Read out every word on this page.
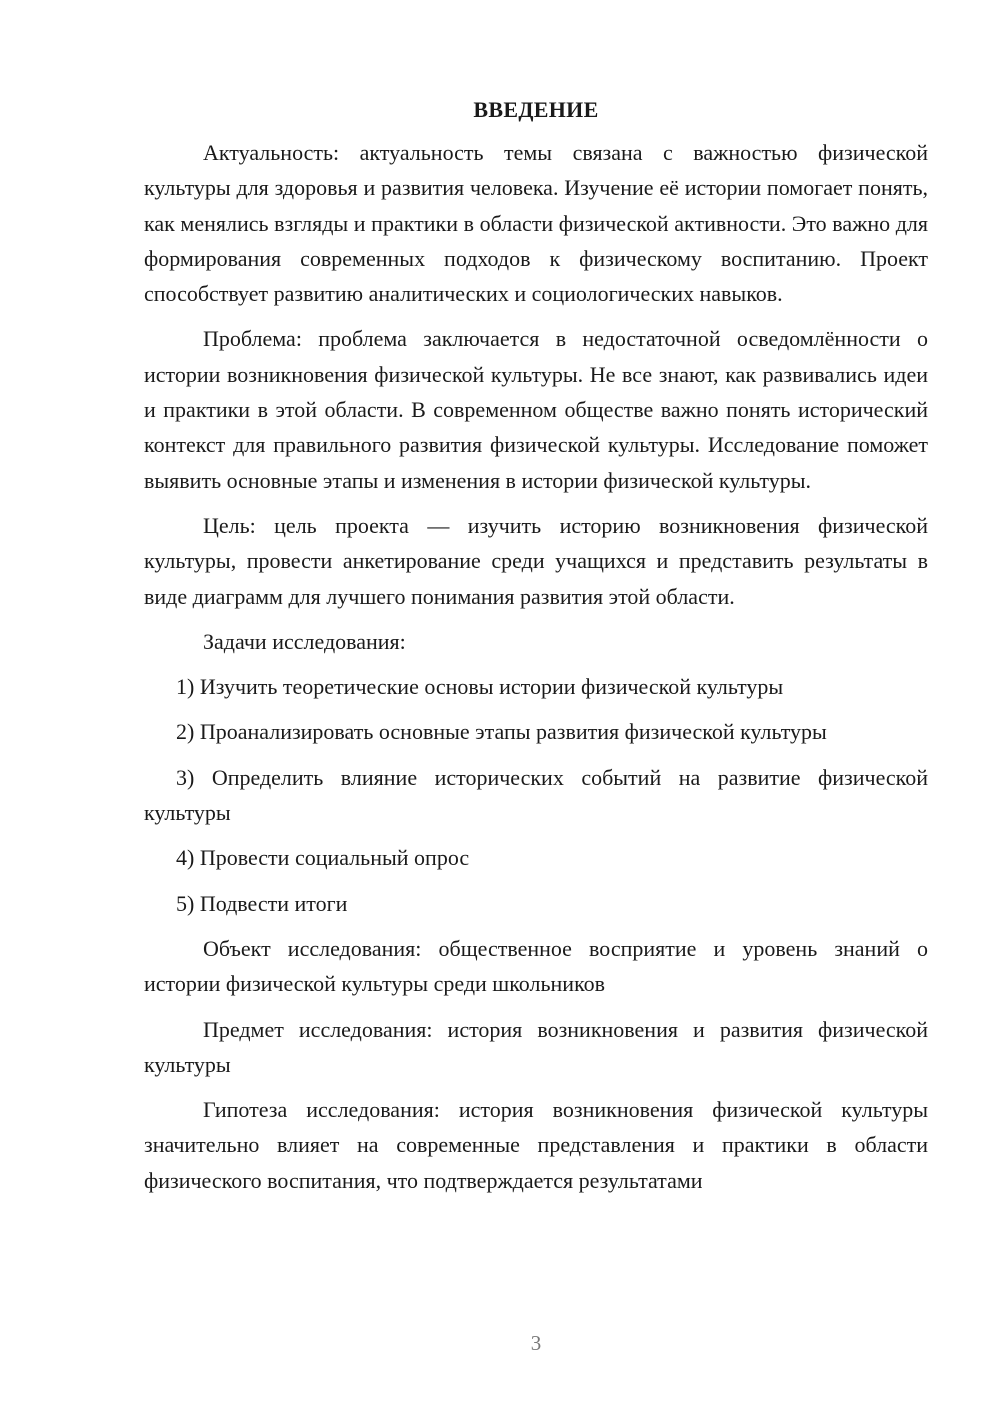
ВВЕДЕНИЕ

Актуальность: актуальность темы связана с важностью физической культуры для здоровья и развития человека. Изучение её истории помогает понять, как менялись взгляды и практики в области физической активности. Это важно для формирования современных подходов к физическому воспитанию. Проект способствует развитию аналитических и социологических навыков.

Проблема: проблема заключается в недостаточной осведомлённости о истории возникновения физической культуры. Не все знают, как развивались идеи и практики в этой области. В современном обществе важно понять исторический контекст для правильного развития физической культуры. Исследование поможет выявить основные этапы и изменения в истории физической культуры.

Цель: цель проекта — изучить историю возникновения физической культуры, провести анкетирование среди учащихся и представить результаты в виде диаграмм для лучшего понимания развития этой области.

Задачи исследования:

1) Изучить теоретические основы истории физической культуры

2) Проанализировать основные этапы развития физической культуры

3) Определить влияние исторических событий на развитие физической культуры

4) Провести социальный опрос

5) Подвести итоги

Объект исследования: общественное восприятие и уровень знаний о истории физической культуры среди школьников

Предмет исследования: история возникновения и развития физической культуры

Гипотеза исследования: история возникновения физической культуры значительно влияет на современные представления и практики в области физического воспитания, что подтверждается результатами

3
